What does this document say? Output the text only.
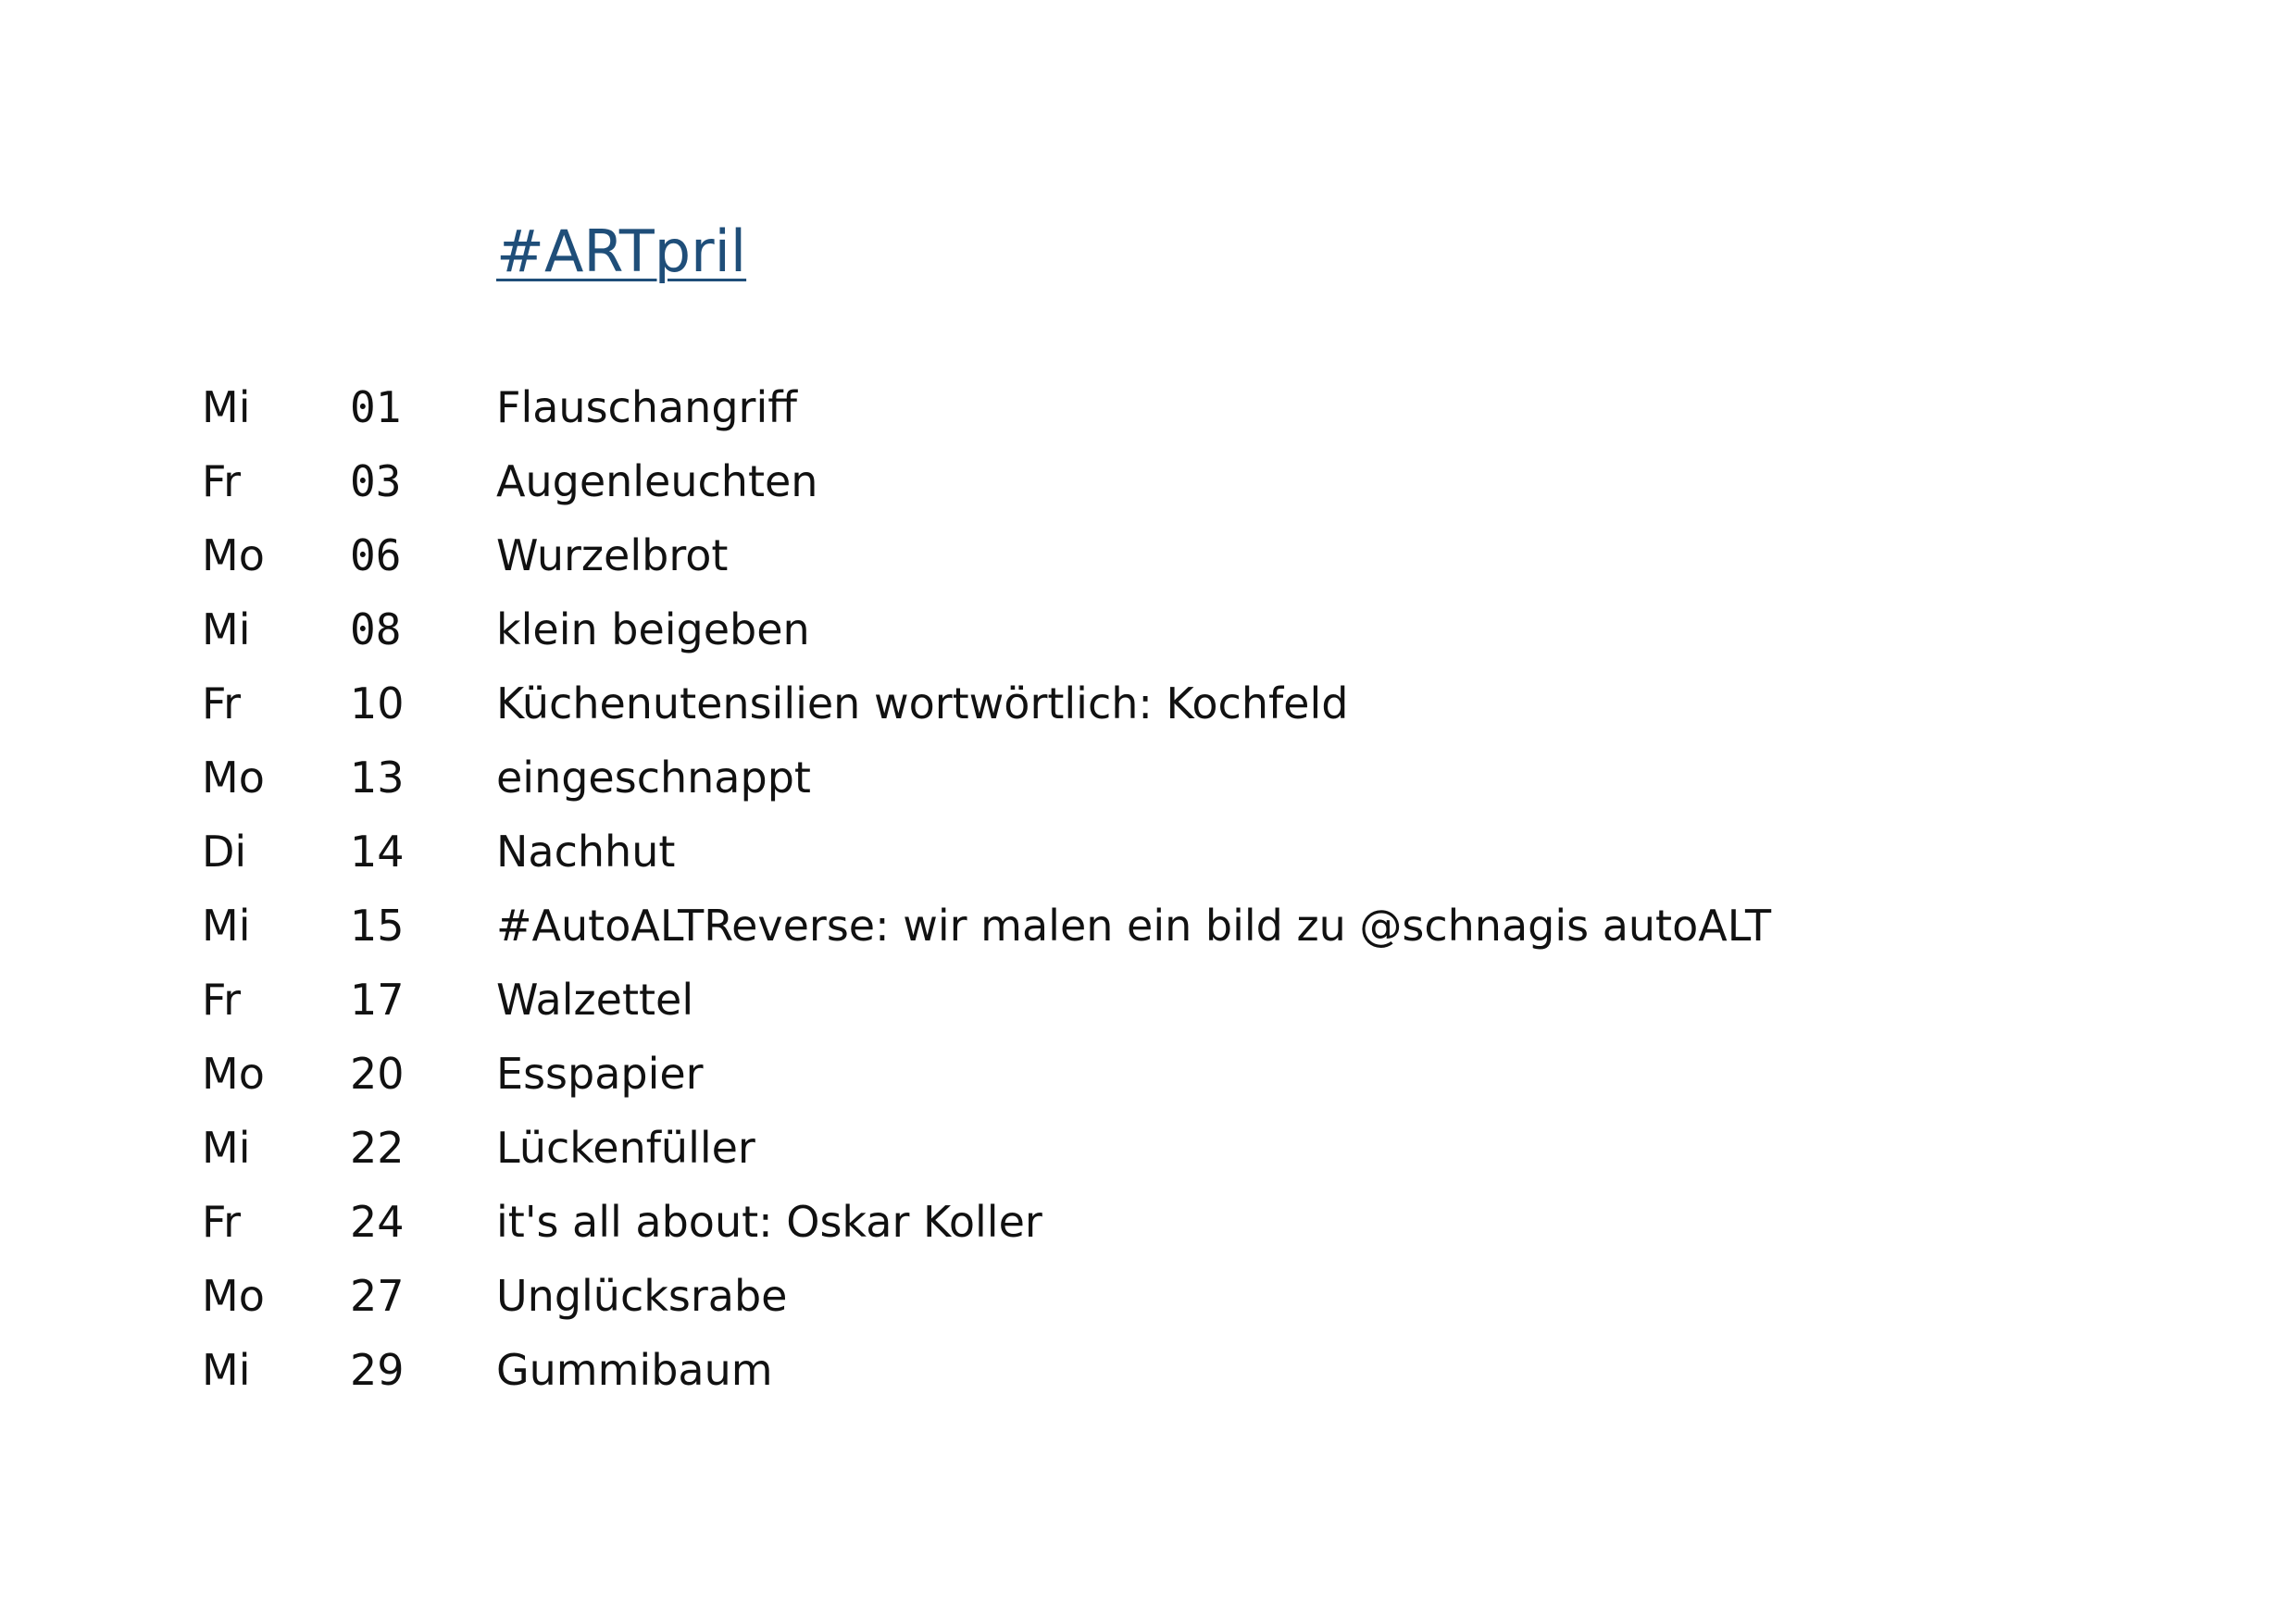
#ARTpril
Mi 01 Flauschangriff
Fr	03 Augenleuchten
Mo 06 Wurzelbrot
Mi 08 klein beigeben
Fr	10 Küchenutensilien wortwörtlich: Kochfeld
Mo 13 eingeschnappt
Di 14 Nachhut
Mi 15 #AutoALTReverse: wir malen ein bild zu @schnagis autoALT
Fr	17 Walzettel
Mo 20 Esspapier
Mi 22 Lückenfüller
Fr	24 it's all about: Oskar Koller
Mo 27 Unglücksrabe
Mi 29 Gummibaum
